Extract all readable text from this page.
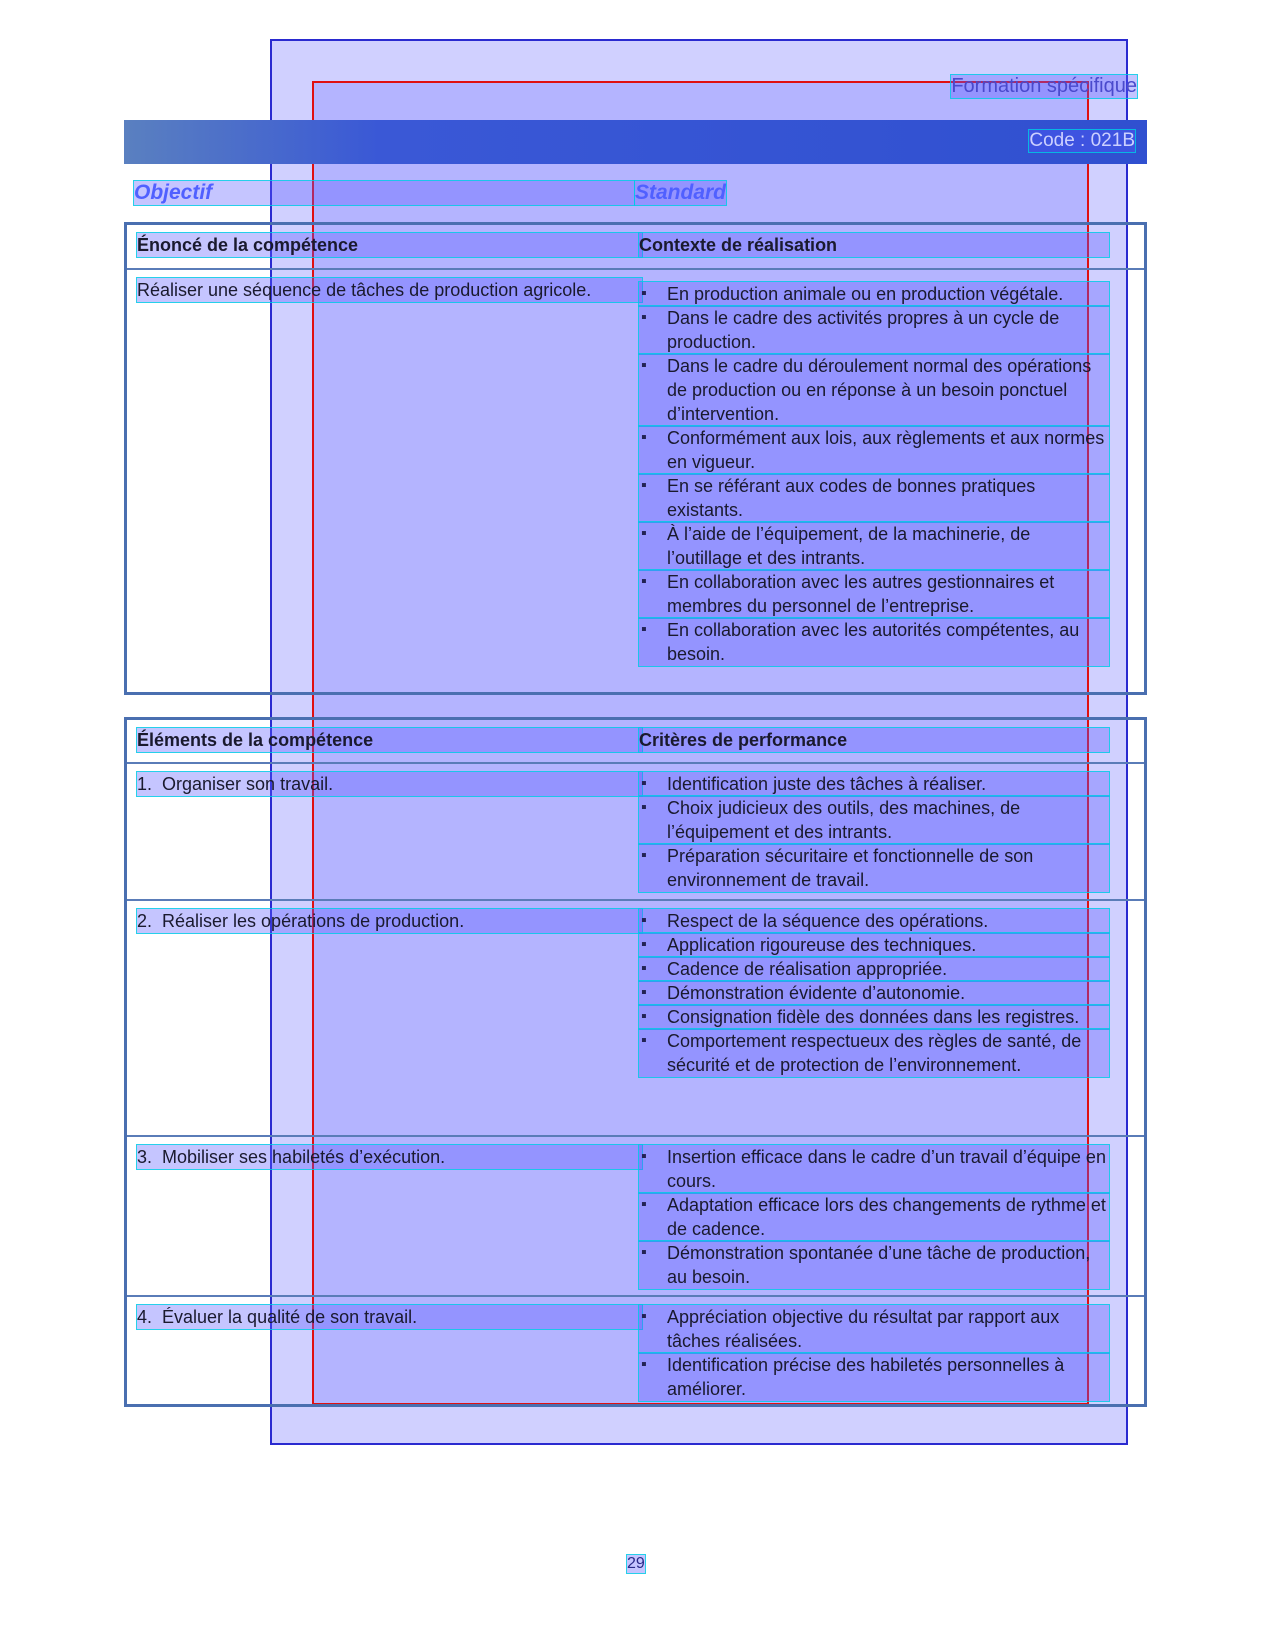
Formation spécifique
Code : 021B
Objectif	Standard
Énoncé de la compétence	Contexte de réalisation
Réaliser une séquence de tâches de production agricole.	▪ En production animale ou en production végétale.
▪ Dans le cadre des activités propres à un cycle de production.
▪ Dans le cadre du déroulement normal des opérations de production ou en réponse à un besoin ponctuel d’intervention.
▪ Conformément aux lois, aux règlements et aux normes en vigueur.
▪ En se référant aux codes de bonnes pratiques existants.
▪ À l’aide de l’équipement, de la machinerie, de l’outillage et des intrants.
▪ En collaboration avec les autres gestionnaires et membres du personnel de l’entreprise.
▪ En collaboration avec les autorités compétentes, au besoin.
Éléments de la compétence	Critères de performance
1.  Organiser son travail.	▪ Identification juste des tâches à réaliser.
▪ Choix judicieux des outils, des machines, de l’équipement et des intrants.
▪ Préparation sécuritaire et fonctionnelle de son environnement de travail.
2.  Réaliser les opérations de production.	▪ Respect de la séquence des opérations.
▪ Application rigoureuse des techniques.
▪ Cadence de réalisation appropriée.
▪ Démonstration évidente d’autonomie.
▪ Consignation fidèle des données dans les registres.
▪ Comportement respectueux des règles de santé, de sécurité et de protection de l’environnement.
3.  Mobiliser ses habiletés d’exécution.	▪ Insertion efficace dans le cadre d’un travail d’équipe en cours.
▪ Adaptation efficace lors des changements de rythme et de cadence.
▪ Démonstration spontanée d’une tâche de production, au besoin.
4.  Évaluer la qualité de son travail.	▪ Appréciation objective du résultat par rapport aux tâches réalisées.
▪ Identification précise des habiletés personnelles à améliorer.
29
